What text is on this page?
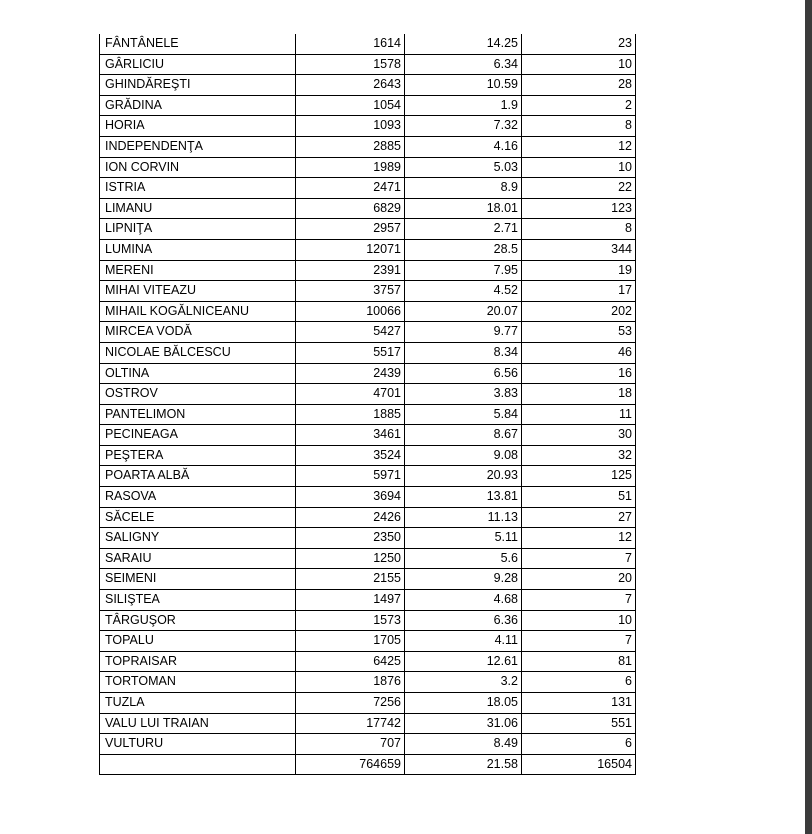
FÂNTÂNELE	1614	14.25	23
GÂRLICIU	1578	6.34	10
GHINDĂREŞTI	2643	10.59	28
GRĂDINA	1054	1.9	2
HORIA	1093	7.32	8
INDEPENDENŢA	2885	4.16	12
ION CORVIN	1989	5.03	10
ISTRIA	2471	8.9	22
LIMANU	6829	18.01	123
LIPNIŢA	2957	2.71	8
LUMINA	12071	28.5	344
MERENI	2391	7.95	19
MIHAI VITEAZU	3757	4.52	17
MIHAIL KOGĂLNICEANU	10066	20.07	202
MIRCEA VODĂ	5427	9.77	53
NICOLAE BĂLCESCU	5517	8.34	46
OLTINA	2439	6.56	16
OSTROV	4701	3.83	18
PANTELIMON	1885	5.84	11
PECINEAGA	3461	8.67	30
PEŞTERA	3524	9.08	32
POARTA ALBĂ	5971	20.93	125
RASOVA	3694	13.81	51
SĂCELE	2426	11.13	27
SALIGNY	2350	5.11	12
SARAIU	1250	5.6	7
SEIMENI	2155	9.28	20
SILIŞTEA	1497	4.68	7
TÂRGUŞOR	1573	6.36	10
TOPALU	1705	4.11	7
TOPRAISAR	6425	12.61	81
TORTOMAN	1876	3.2	6
TUZLA	7256	18.05	131
VALU LUI TRAIAN	17742	31.06	551
VULTURU	707	8.49	6
	764659	21.58	16504
